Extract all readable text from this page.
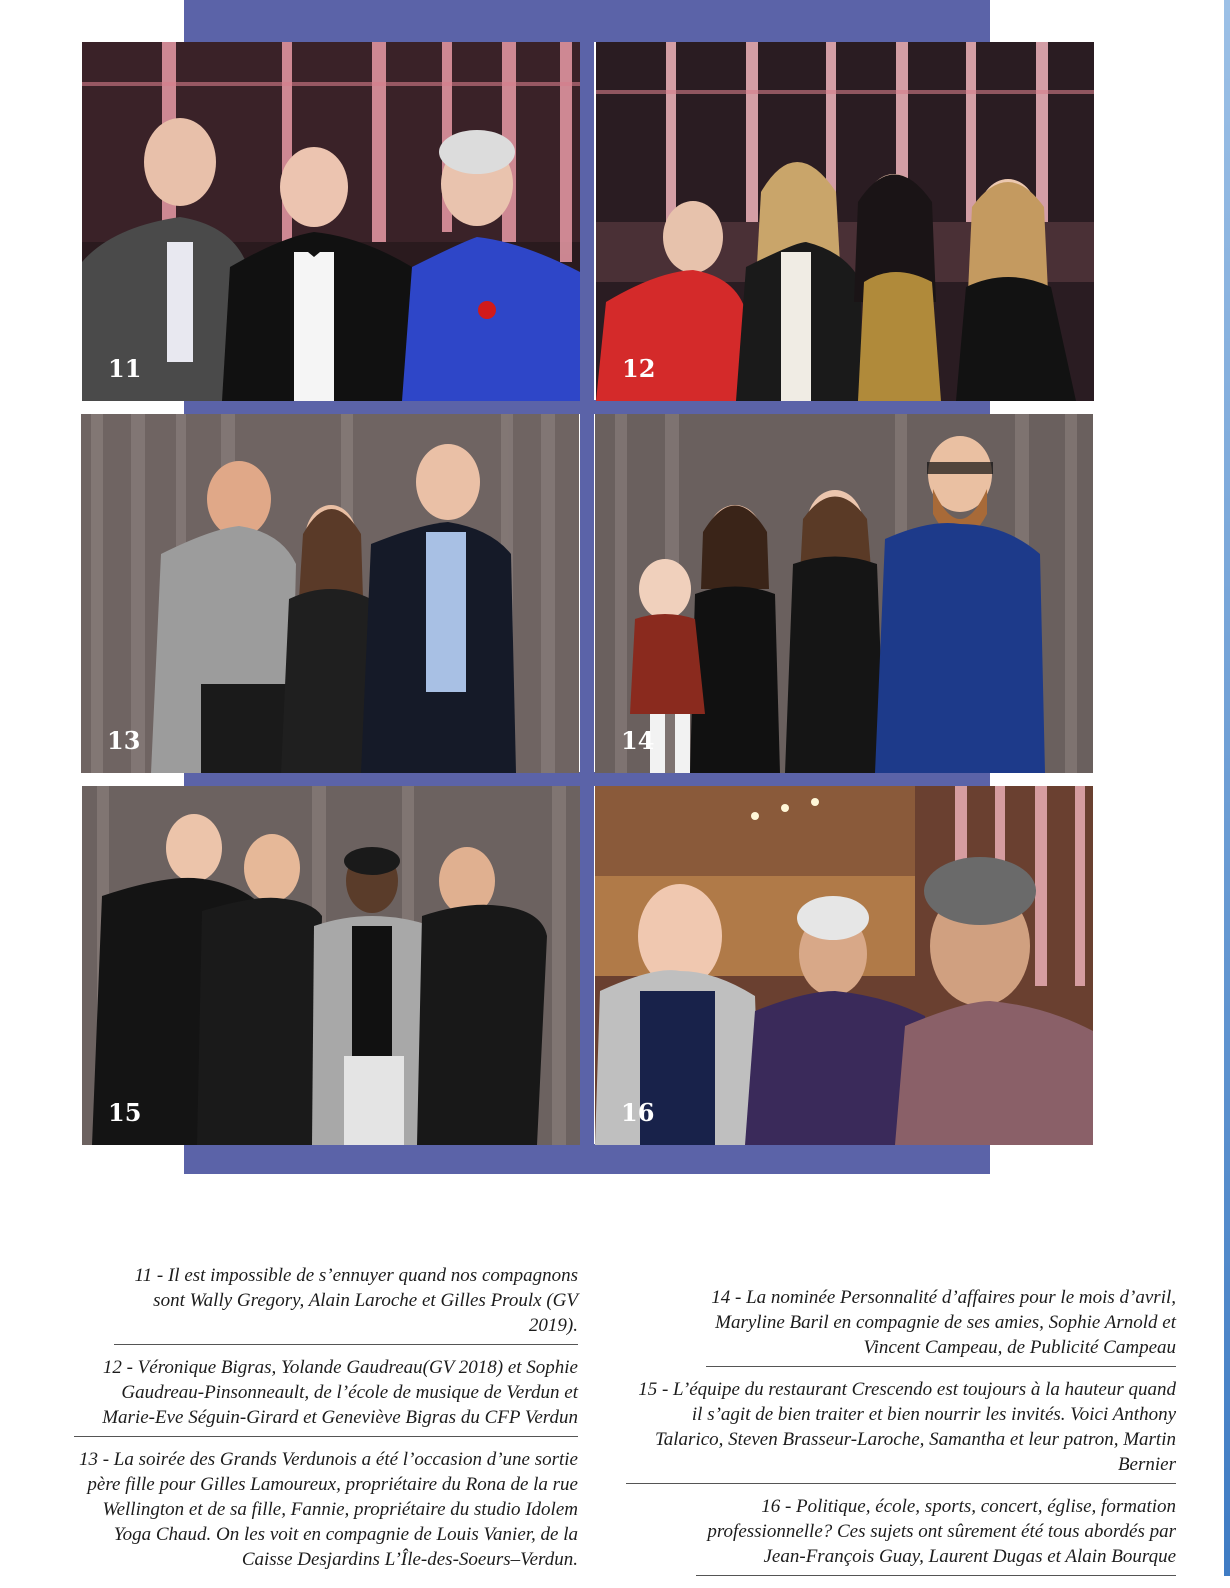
11	12
13	14
15	16
11 - Il est impossible de s’ennuyer quand nos compagnons sont Wally Gregory, Alain Laroche et Gilles Proulx (GV 2019).
12 - Véronique Bigras, Yolande Gaudreau(GV 2018) et Sophie Gaudreau-Pinsonneault, de l’école de musique de Verdun et Marie-Eve Séguin-Girard et Geneviève Bigras du CFP Verdun
13 - La soirée des Grands Verdunois a été l’occasion d’une sortie père fille pour Gilles Lamoureux, propriétaire du Rona de la rue Wellington et de sa fille, Fannie, propriétaire du studio Idolem Yoga Chaud. On les voit en compagnie de Louis Vanier, de la Caisse Desjardins L’Île-des-Soeurs–Verdun.
14 - La nominée Personnalité d’affaires pour le mois d’avril, Maryline Baril en compagnie de ses amies, Sophie Arnold et Vincent Campeau, de Publicité Campeau
15 - L’équipe du restaurant Crescendo est toujours à la hauteur quand il s’agit de bien traiter et bien nourrir les invités. Voici Anthony Talarico, Steven Brasseur-Laroche, Samantha et leur patron, Martin Bernier
16 - Politique, école, sports, concert, église, formation professionnelle? Ces sujets ont sûrement été tous abordés par Jean-François Guay, Laurent Dugas et Alain Bourque
